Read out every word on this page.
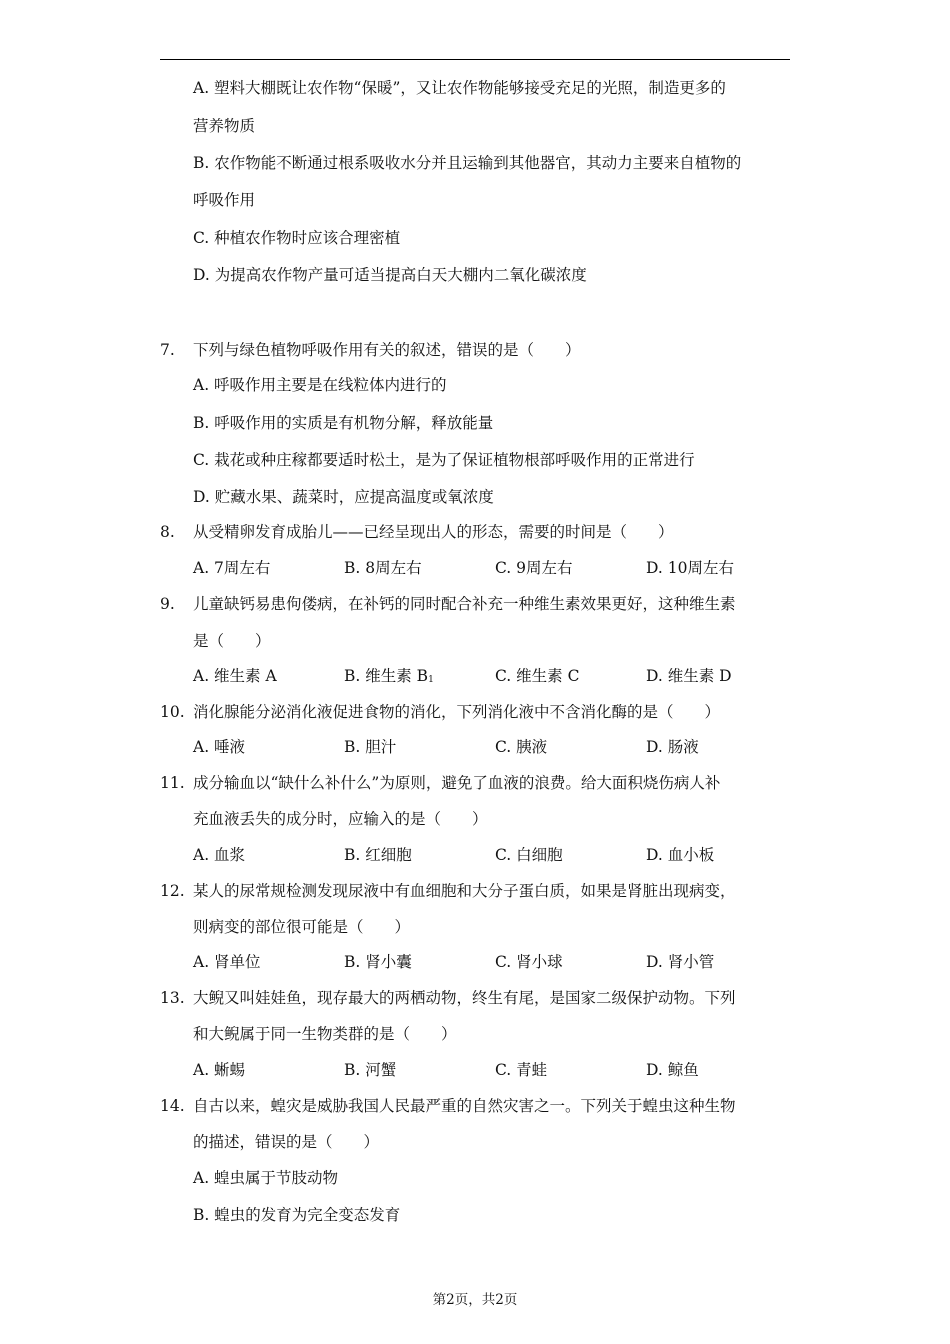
A. 塑料大棚既让农作物“保暖”，又让农作物能够接受充足的光照，制造更多的
营养物质
B. 农作物能不断通过根系吸收水分并且运输到其他器官，其动力主要来自植物的
呼吸作用
C. 种植农作物时应该合理密植
D. 为提高农作物产量可适当提高白天大棚内二氧化碳浓度
7. 下列与绿色植物呼吸作用有关的叙述，错误的是（　　）
A. 呼吸作用主要是在线粒体内进行的
B. 呼吸作用的实质是有机物分解，释放能量
C. 栽花或种庄稼都要适时松土，是为了保证植物根部呼吸作用的正常进行
D. 贮藏水果、蔬菜时，应提高温度或氧浓度
8. 从受精卵发育成胎儿——已经呈现出人的形态，需要的时间是（　　）
A. 7周左右	B. 8周左右	C. 9周左右	D. 10周左右
9. 儿童缺钙易患佝偻病，在补钙的同时配合补充一种维生素效果更好，这种维生素
是（　　）
A. 维生素 A	B. 维生素 $B_1$	C. 维生素 C	D. 维生素 D
10. 消化腺能分泌消化液促进食物的消化，下列消化液中不含消化酶的是（　　）
A. 唾液	B. 胆汁	C. 胰液	D. 肠液
11. 成分输血以“缺什么补什么”为原则，避免了血液的浪费。给大面积烧伤病人补
充血液丢失的成分时，应输入的是（　　）
A. 血浆	B. 红细胞	C. 白细胞	D. 血小板
12. 某人的尿常规检测发现尿液中有血细胞和大分子蛋白质，如果是肾脏出现病变，
则病变的部位很可能是（　　）
A. 肾单位	B. 肾小囊	C. 肾小球	D. 肾小管
13. 大鲵又叫娃娃鱼，现存最大的两栖动物，终生有尾，是国家二级保护动物。下列
和大鲵属于同一生物类群的是（　　）
A. 蜥蜴	B. 河蟹	C. 青蛙	D. 鲸鱼
14. 自古以来，蝗灾是威胁我国人民最严重的自然灾害之一。下列关于蝗虫这种生物
的描述，错误的是（　　）
A. 蝗虫属于节肢动物
B. 蝗虫的发育为完全变态发育
第2页，共2页
